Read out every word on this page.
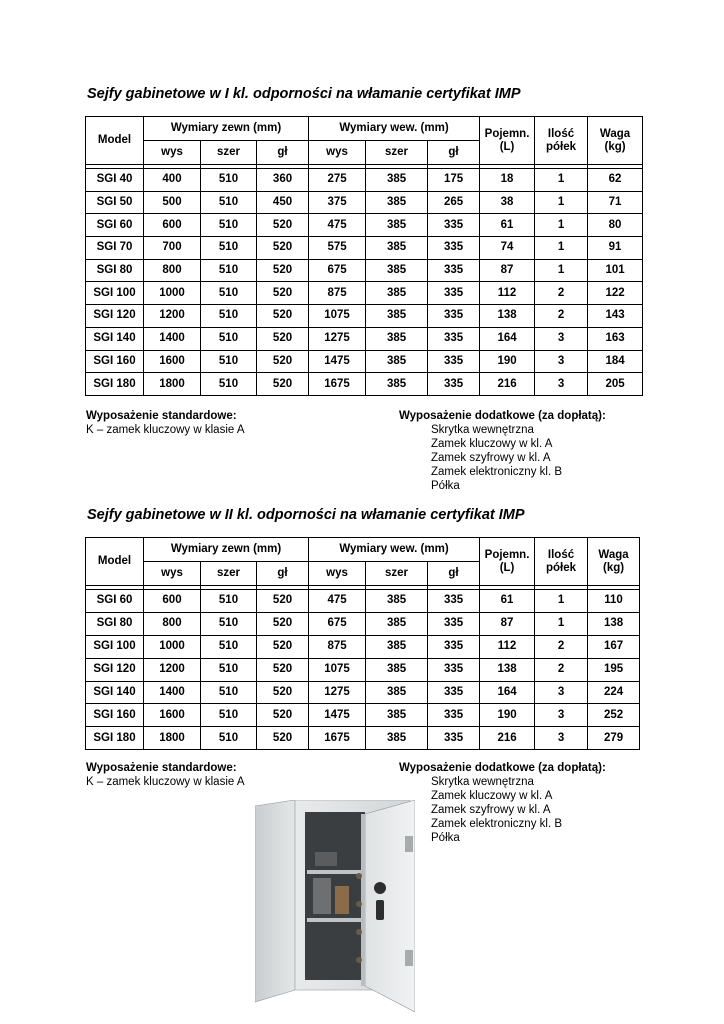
Sejfy gabinetowe w I kl. odporności na włamanie certyfikat IMP
Model	Wymiary zewn (mm)			Wymiary wew. (mm)			Pojemn. (L)	Ilość półek	Waga (kg)
	wys	szer	gł	wys	szer	gł			

SGI 40	400	510	360	275	385	175	18	1	62
SGI 50	500	510	450	375	385	265	38	1	71
SGI 60	600	510	520	475	385	335	61	1	80
SGI 70	700	510	520	575	385	335	74	1	91
SGI 80	800	510	520	675	385	335	87	1	101
SGI 100	1000	510	520	875	385	335	112	2	122
SGI 120	1200	510	520	1075	385	335	138	2	143
SGI 140	1400	510	520	1275	385	335	164	3	163
SGI 160	1600	510	520	1475	385	335	190	3	184
SGI 180	1800	510	520	1675	385	335	216	3	205
Wyposażenie standardowe:
K – zamek kluczowy w klasie A
Wyposażenie dodatkowe (za dopłatą):
Skrytka wewnętrzna
Zamek kluczowy w kl. A
Zamek szyfrowy w kl. A
Zamek elektroniczny kl. B
Półka
Sejfy gabinetowe w II kl. odporności na włamanie certyfikat IMP
Model	Wymiary zewn (mm)			Wymiary wew. (mm)			Pojemn. (L)	Ilość półek	Waga (kg)
	wys	szer	gł	wys	szer	gł			

SGI 60	600	510	520	475	385	335	61	1	110
SGI 80	800	510	520	675	385	335	87	1	138
SGI 100	1000	510	520	875	385	335	112	2	167
SGI 120	1200	510	520	1075	385	335	138	2	195
SGI 140	1400	510	520	1275	385	335	164	3	224
SGI 160	1600	510	520	1475	385	335	190	3	252
SGI 180	1800	510	520	1675	385	335	216	3	279
Wyposażenie standardowe:
K – zamek kluczowy w klasie A
Wyposażenie dodatkowe (za dopłatą):
Skrytka wewnętrzna
Zamek kluczowy w kl. A
Zamek szyfrowy w kl. A
Zamek elektroniczny kl. B
Półka
